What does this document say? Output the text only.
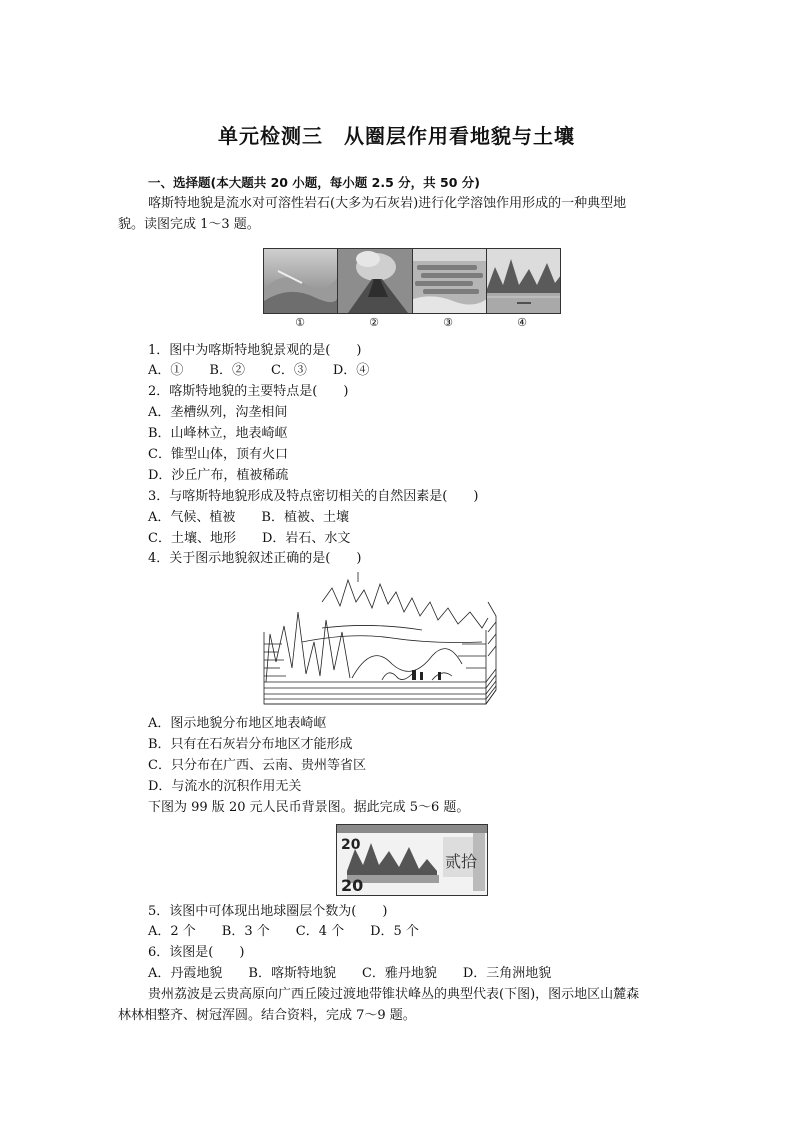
单元检测三　从圈层作用看地貌与土壤
一、选择题(本大题共 20 小题，每小题 2.5 分，共 50 分)
喀斯特地貌是流水对可溶性岩石(大多为石灰岩)进行化学溶蚀作用形成的一种典型地
貌。读图完成 1～3 题。
①	②	③	④
1．图中为喀斯特地貌景观的是(　　)
A．①　　B．②　　C．③　　D．④
2．喀斯特地貌的主要特点是(　　)
A．垄槽纵列，沟垄相间
B．山峰林立，地表崎岖
C．锥型山体，顶有火口
D．沙丘广布，植被稀疏
3．与喀斯特地貌形成及特点密切相关的自然因素是(　　)
A．气候、植被　　B．植被、土壤
C．土壤、地形　　D．岩石、水文
4．关于图示地貌叙述正确的是(　　)
A．图示地貌分布地区地表崎岖
B．只有在石灰岩分布地区才能形成
C．只分布在广西、云南、贵州等省区
D．与流水的沉积作用无关
下图为 99 版 20 元人民币背景图。据此完成 5～6 题。
20
20
贰拾
5．该图中可体现出地球圈层个数为(　　)
A．2 个　　B．3 个　　C．4 个　　D．5 个
6．该图是(　　)
A．丹霞地貌　　B．喀斯特地貌　　C．雅丹地貌　　D．三角洲地貌
贵州荔波是云贵高原向广西丘陵过渡地带锥状峰丛的典型代表(下图)，图示地区山麓森
林林相整齐、树冠浑圆。结合资料，完成 7～9 题。
